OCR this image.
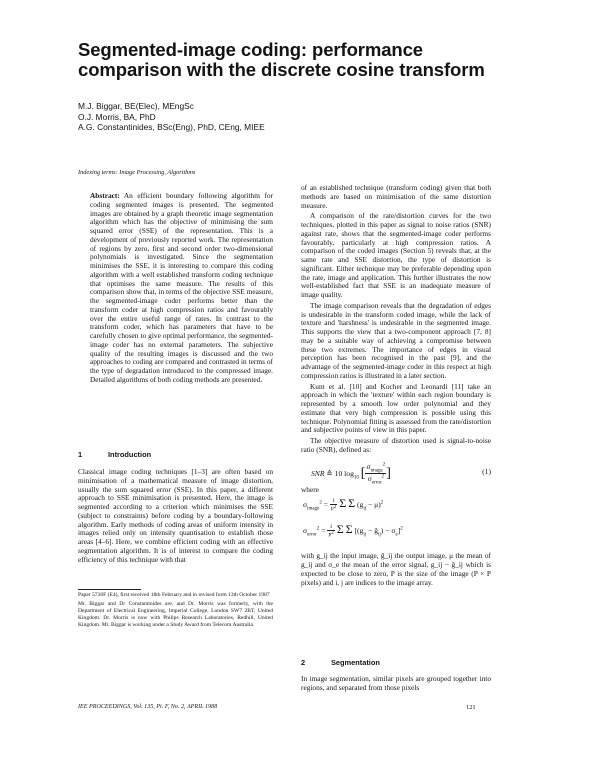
Segmented-image coding: performance
comparison with the discrete cosine transform
M.J. Biggar, BE(Elec), MEngSc
O.J. Morris, BA, PhD
A.G. Constantinides, BSc(Eng), PhD, CEng, MIEE
Indexing terms: Image Processing, Algorithms
Abstract: An efficient boundary following algorithm for coding segmented images is presented. The segmented images are obtained by a graph theoretic image segmentation algorithm which has the objective of minimising the sum squared error (SSE) of the representation. This is a development of previously reported work. The representation of regions by zero, first and second order two-dimensional polynomials is investigated. Since the segmentation minimises the SSE, it is interesting to compare this coding algorithm with a well established transform coding technique that optimises the same measure. The results of this comparison show that, in terms of the objective SSE measure, the segmented-image coder performs better than the transform coder at high compression ratios and favourably over the entire useful range of rates. In contrast to the transform coder, which has parameters that have to be carefully chosen to give optimal performance, the segmented-image coder has no external parameters. The subjective quality of the resulting images is discussed and the two approaches to coding are compared and contrasted in terms of the type of degradation introduced to the compressed image. Detailed algorithms of both coding methods are presented.
1	Introduction

Classical image coding techniques [1–3] are often based on minimisation of a mathematical measure of image distortion, usually the sum squared error (SSE). In this paper, a different approach to SSE minimisation is presented. Here, the image is segmented according to a criterion which minimises the SSE (subject to constraints) before coding by a boundary-following algorithm. Early methods of coding areas of uniform intensity in images relied only on intensity quantisation to establish those areas [4–6]. Here, we combine efficient coding with an effective segmentation algorithm. It is of interest to compare the coding efficiency of this technique with that

Paper 5736F (E4), first received 18th February and in revised form 13th October 1987

Mr. Biggar and Dr Constantinides are, and Dr. Morris was formerly, with the Department of Electrical Engineering, Imperial College, London SW7 2BT, United Kingdom. Dr. Morris is now with Philips Research Laboratories, Redhill, United Kingdom. Mr. Biggar is working under a Study Award from Telecom Australia.

of an established technique (transform coding) given that both methods are based on minimisation of the same distortion measure.

A comparison of the rate/distortion curves for the two techniques, plotted in this paper as signal to noise ratios (SNR) against rate, shows that the segmented-image coder performs favourably, particularly at high compression ratios. A comparison of the coded images (Section 5) reveals that, at the same rate and SSE distortion, the type of distortion is significant. Either technique may be preferable depending upon the rate, image and application. This further illustrates the now well-established fact that SSE is an inadequate measure of image quality.

The image comparison reveals that the degradation of edges is undesirable in the transform coded image, while the lack of texture and 'harshness' is undesirable in the segmented image. This supports the view that a two-component approach [7, 8] may be a suitable way of achieving a compromise between these two extremes. The importance of edges in visual perception has been recognised in the past [9], and the advantage of the segmented-image coder in this respect at high compression ratios is illustrated in a later section.

Kunt et al. [10] and Kocher and Leonardi [11] take an approach in which the 'texture' within each region boundary is represented by a smooth low order polynomial and they estimate that very high compression is possible using this technique. Polynomial fitting is assessed from the rate/distortion and subjective points of view in this paper.

The objective measure of distortion used is signal-to-noise ratio (SNR), defined as:

SNR ≙ 10 $\log_{10}$ [ $\frac{\sigma_{image}^2}{\sigma_{error}^2}$ ]	(1)
where
$\sigma_{image}^2 = \frac{1}{P2}$ Σ Σ $(g_{ij} - \mu)^2$
$\sigma_{error}^2 = \frac{1}{P2}$ Σ Σ [($g_{ij}$ − $ĝ_{ij}) - \sigma_e]^2$

with g_ij the input image, ĝ_ij the output image, μ the mean of g_ij and σ_e the mean of the error signal, g_ij − ĝ_ij which is expected to be close to zero, P is the size of the image (P × P pixels) and i, j are indices to the image array.

2	Segmentation

In image segmentation, similar pixels are grouped together into regions, and separated from those pixels

IEE PROCEEDINGS, Vol. 135, Pt. F, No. 2, APRIL 1988	121
